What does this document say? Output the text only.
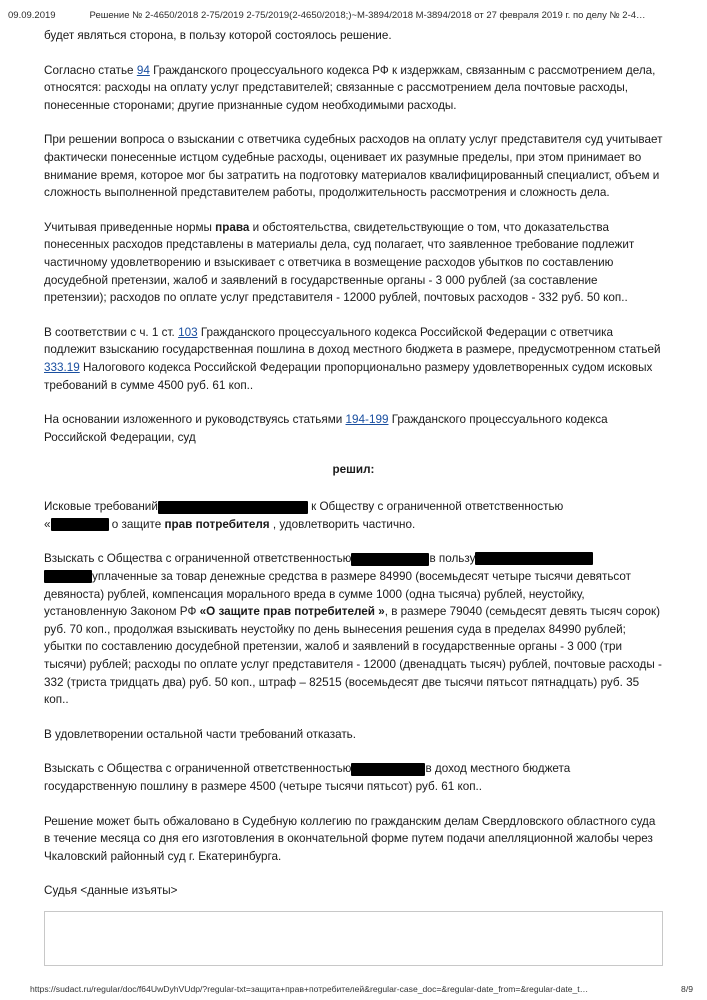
09.09.2019	Решение № 2-4650/2018 2-75/2019 2-75/2019(2-4650/2018;)~М-3894/2018 М-3894/2018 от 27 февраля 2019 г. по делу № 2-4…

будет являться сторона, в пользу которой состоялось решение.

Согласно статье 94 Гражданского процессуального кодекса РФ к издержкам, связанным с рассмотрением дела, относятся: расходы на оплату услуг представителей; связанные с рассмотрением дела почтовые расходы, понесенные сторонами; другие признанные судом необходимыми расходы.

При решении вопроса о взыскании с ответчика судебных расходов на оплату услуг представителя суд учитывает фактически понесенные истцом судебные расходы, оценивает их разумные пределы, при этом принимает во внимание время, которое мог бы затратить на подготовку материалов квалифицированный специалист, объем и сложность выполненной представителем работы, продолжительность рассмотрения и сложность дела.

Учитывая приведенные нормы права и обстоятельства, свидетельствующие о том, что доказательства понесенных расходов представлены в материалы дела, суд полагает, что заявленное требование подлежит частичному удовлетворению и взыскивает с ответчика в возмещение расходов убытков по составлению досудебной претензии, жалоб и заявлений в государственные органы - 3 000 рублей (за составление претензии); расходов по оплате услуг представителя - 12000 рублей, почтовых расходов - 332 руб. 50 коп..

В соответствии с ч. 1 ст. 103 Гражданского процессуального кодекса Российской Федерации с ответчика подлежит взысканию государственная пошлина в доход местного бюджета в размере, предусмотренном статьей 333.19 Налогового кодекса Российской Федерации пропорционально размеру удовлетворенных судом исковых требований в сумме 4500 руб. 61 коп..

На основании изложенного и руководствуясь статьями 194-199 Гражданского процессуального кодекса Российской Федерации, суд

решил:

Исковые требований	к Обществу с ограниченной ответственностью
«	о защите прав потребителя , удовлетворить частично.

Взыскать с Общества с ограниченной ответственностью	в пользу
уплаченные за товар денежные средства в размере 84990 (восемьдесят четыре тысячи девятьсот девяноста) рублей, компенсация морального вреда в сумме 1000 (одна тысяча) рублей, неустойку, установленную Законом РФ «О защите прав потребителей », в размере 79040 (семьдесят девять тысяч сорок) руб. 70 коп., продолжая взыскивать неустойку по день вынесения решения суда в пределах 84990 рублей; убытки по составлению досудебной претензии, жалоб и заявлений в государственные органы - 3 000 (три тысячи) рублей; расходы по оплате услуг представителя - 12000 (двенадцать тысяч) рублей, почтовые расходы - 332 (триста тридцать два) руб. 50 коп., штраф – 82515 (восемьдесят две тысячи пятьсот пятнадцать) руб. 35 коп..

В удовлетворении остальной части требований отказать.

Взыскать с Общества с ограниченной ответственностью	в доход местного бюджета государственную пошлину в размере 4500 (четыре тысячи пятьсот) руб. 61 коп..

Решение может быть обжаловано в Судебную коллегию по гражданским делам Свердловского областного суда в течение месяца со дня его изготовления в окончательной форме путем подачи апелляционной жалобы через Чкаловский районный суд г. Екатеринбурга.

Судья <данные изъяты>

https://sudact.ru/regular/doc/f64UwDyhVUdp/?regular-txt=защита+прав+потребителей&regular-case_doc=&regular-date_from=&regular-date_t…	8/9
